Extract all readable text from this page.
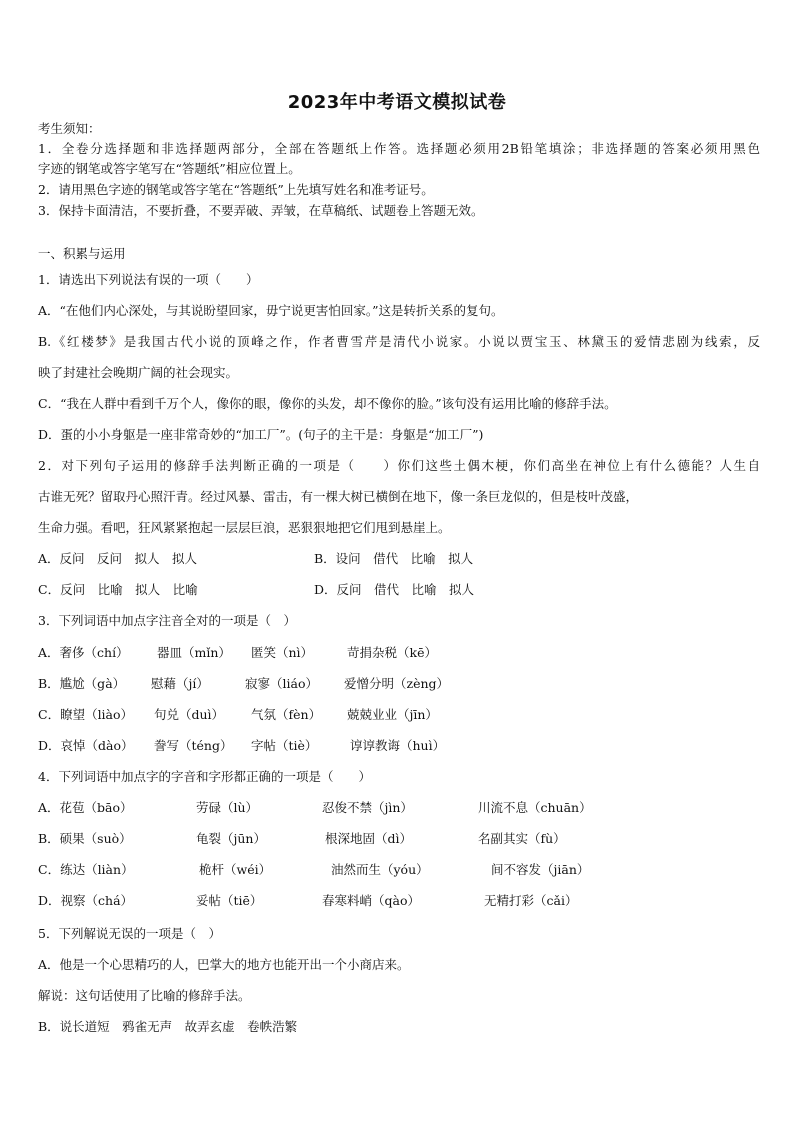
2023年中考语文模拟试卷
考生须知：
1．全卷分选择题和非选择题两部分，全部在答题纸上作答。选择题必须用2B铅笔填涂；非选择题的答案必须用黑色
字迹的钢笔或答字笔写在“答题纸”相应位置上。
2．请用黑色字迹的钢笔或答字笔在“答题纸”上先填写姓名和准考证号。
3．保持卡面清洁，不要折叠，不要弄破、弄皱，在草稿纸、试题卷上答题无效。
一、积累与运用
1．请选出下列说法有误的一项（　　）
A．“在他们内心深处，与其说盼望回家，毋宁说更害怕回家。”这是转折关系的复句。
B.《红楼梦》是我国古代小说的顶峰之作，作者曹雪芹是清代小说家。小说以贾宝玉、林黛玉的爱情悲剧为线索，反
映了封建社会晚期广阔的社会现实。
C．“我在人群中看到千万个人，像你的眼，像你的头发，却不像你的脸。”该句没有运用比喻的修辞手法。
D．蛋的小小身躯是一座非常奇妙的“加工厂”。(句子的主干是：身躯是“加工厂”)
2．对下列句子运用的修辞手法判断正确的一项是（　　）你们这些土偶木梗，你们高坐在神位上有什么德能？人生自
古谁无死？留取丹心照汗青。经过风暴、雷击，有一棵大树已横倒在地下，像一条巨龙似的，但是枝叶茂盛，
生命力强。看吧，狂风紧紧抱起一层层巨浪，恶狠狠地把它们甩到悬崖上。
A．反问　反问　拟人　拟人	B．设问　借代　比喻　拟人
C．反问　比喻　拟人　比喻	D．反问　借代　比喻　拟人
3．下列词语中加点字注音全对的一项是（　）
A．奢侈（chí） 器皿（mǐn） 匿笑（nì）	苛捐杂税（kē）
B．尴尬（gà） 慰藉（jí）	寂寥（liáo） 爱憎分明（zèng）
C．瞭望（liào） 句兑（duì） 气氛（fèn） 兢兢业业（jīn）
D．哀悼（dào） 誊写（téng） 字帖（tiè）	谆谆教诲（huì）
4．下列词语中加点字的字音和字形都正确的一项是（　　）
A．花苞（bāo）	劳碌（lù）	忍俊不禁（jìn）	川流不息（chuān）
B．硕果（suò）	龟裂（jūn）	根深地固（dì）	名副其实（fù）
C．练达（liàn）	桅杆（wéi）	油然而生（yóu）	间不容发（jiān）
D．视察（chá）	妥帖（tiē）	春寒料峭（qào）	无精打彩（cǎi）
5．下列解说无误的一项是（　）
A．他是一个心思精巧的人，巴掌大的地方也能开出一个小商店来。
解说：这句话使用了比喻的修辞手法。
B．说长道短　鸦雀无声　故弄玄虚　卷帙浩繁
